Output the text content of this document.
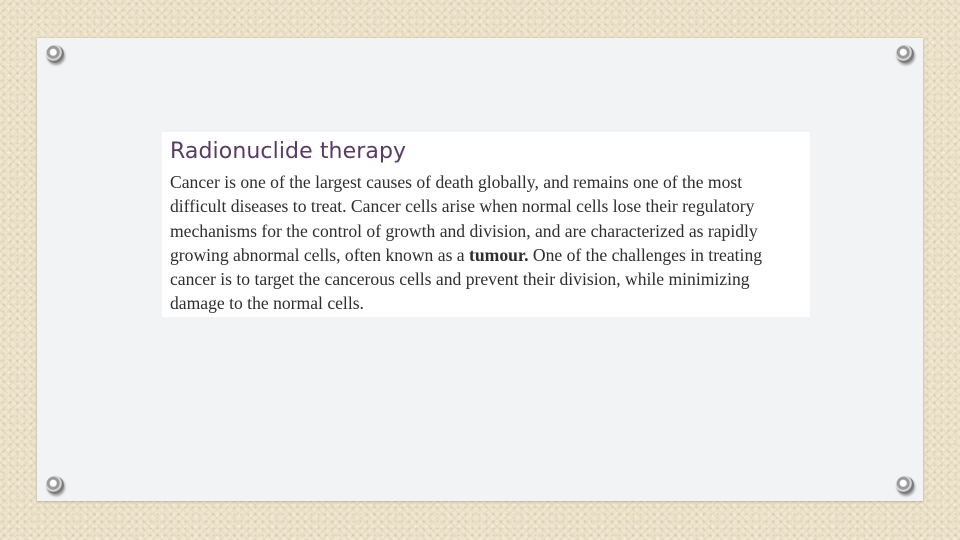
Radionuclide therapy

Cancer is one of the largest causes of death globally, and remains one of the most difficult diseases to treat. Cancer cells arise when normal cells lose their regulatory mechanisms for the control of growth and division, and are characterized as rapidly growing abnormal cells, often known as a tumour. One of the challenges in treating cancer is to target the cancerous cells and prevent their division, while minimizing damage to the normal cells.
